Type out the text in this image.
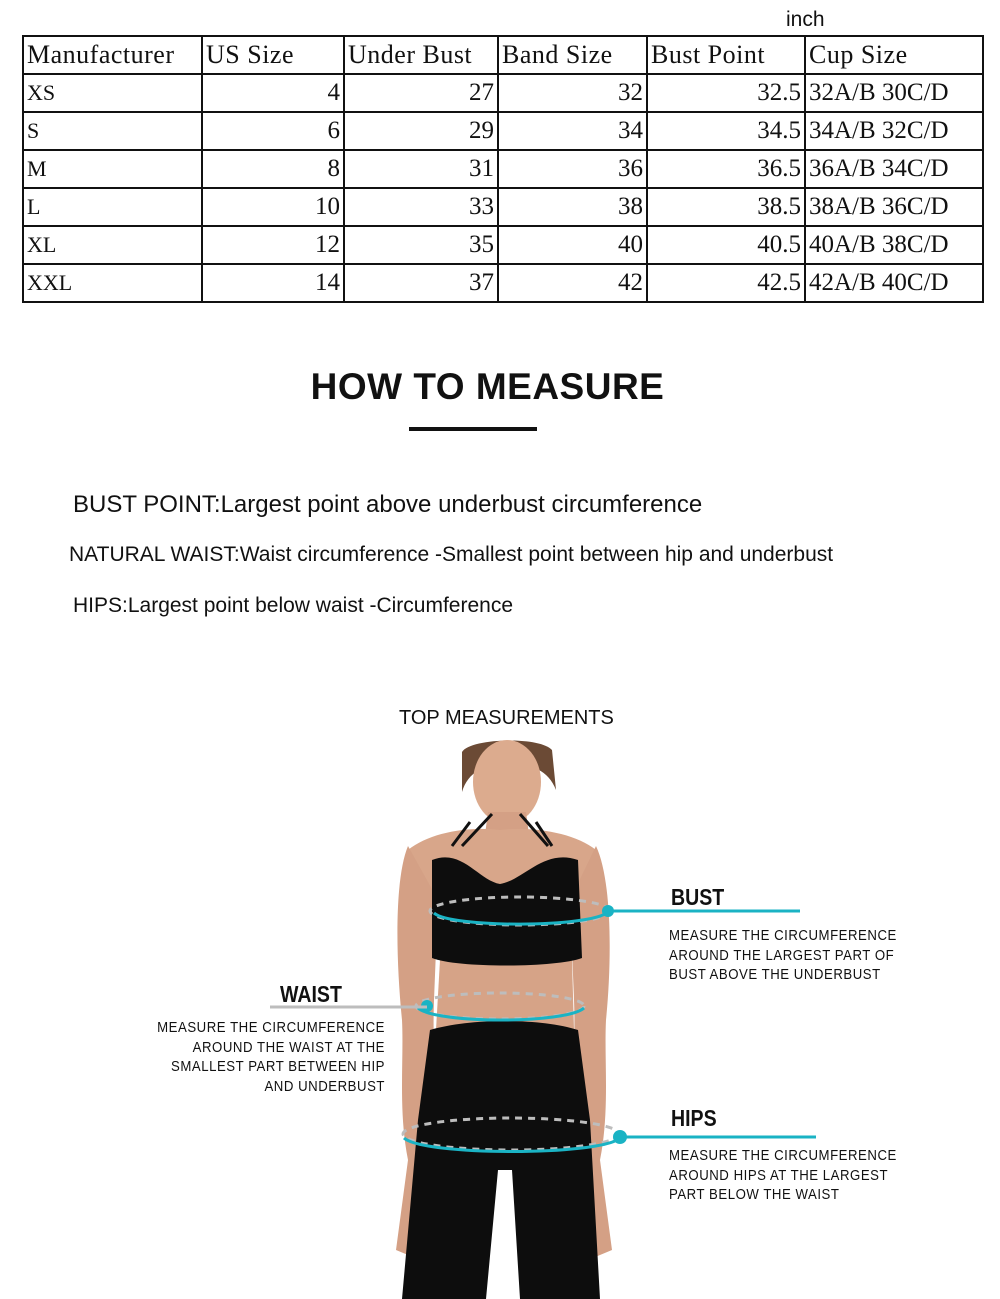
inch
Manufacturer	US Size	Under Bust	Band Size	Bust Point	Cup Size
XS	4	27	32	32.5	32A/B 30C/D
S	6	29	34	34.5	34A/B 32C/D
M	8	31	36	36.5	36A/B 34C/D
L	10	33	38	38.5	38A/B 36C/D
XL	12	35	40	40.5	40A/B 38C/D
XXL	14	37	42	42.5	42A/B 40C/D
HOW TO MEASURE
BUST POINT:Largest point above underbust circumference
NATURAL WAIST:Waist circumference -Smallest point between hip and underbust
HIPS:Largest point below waist -Circumference
TOP MEASUREMENTS
BUST
MEASURE THE CIRCUMFERENCE
AROUND THE LARGEST PART OF
BUST ABOVE THE UNDERBUST
WAIST
MEASURE THE CIRCUMFERENCE
AROUND THE WAIST AT THE
SMALLEST PART BETWEEN HIP
AND UNDERBUST
HIPS
MEASURE THE CIRCUMFERENCE
AROUND HIPS AT THE LARGEST
PART BELOW THE WAIST
